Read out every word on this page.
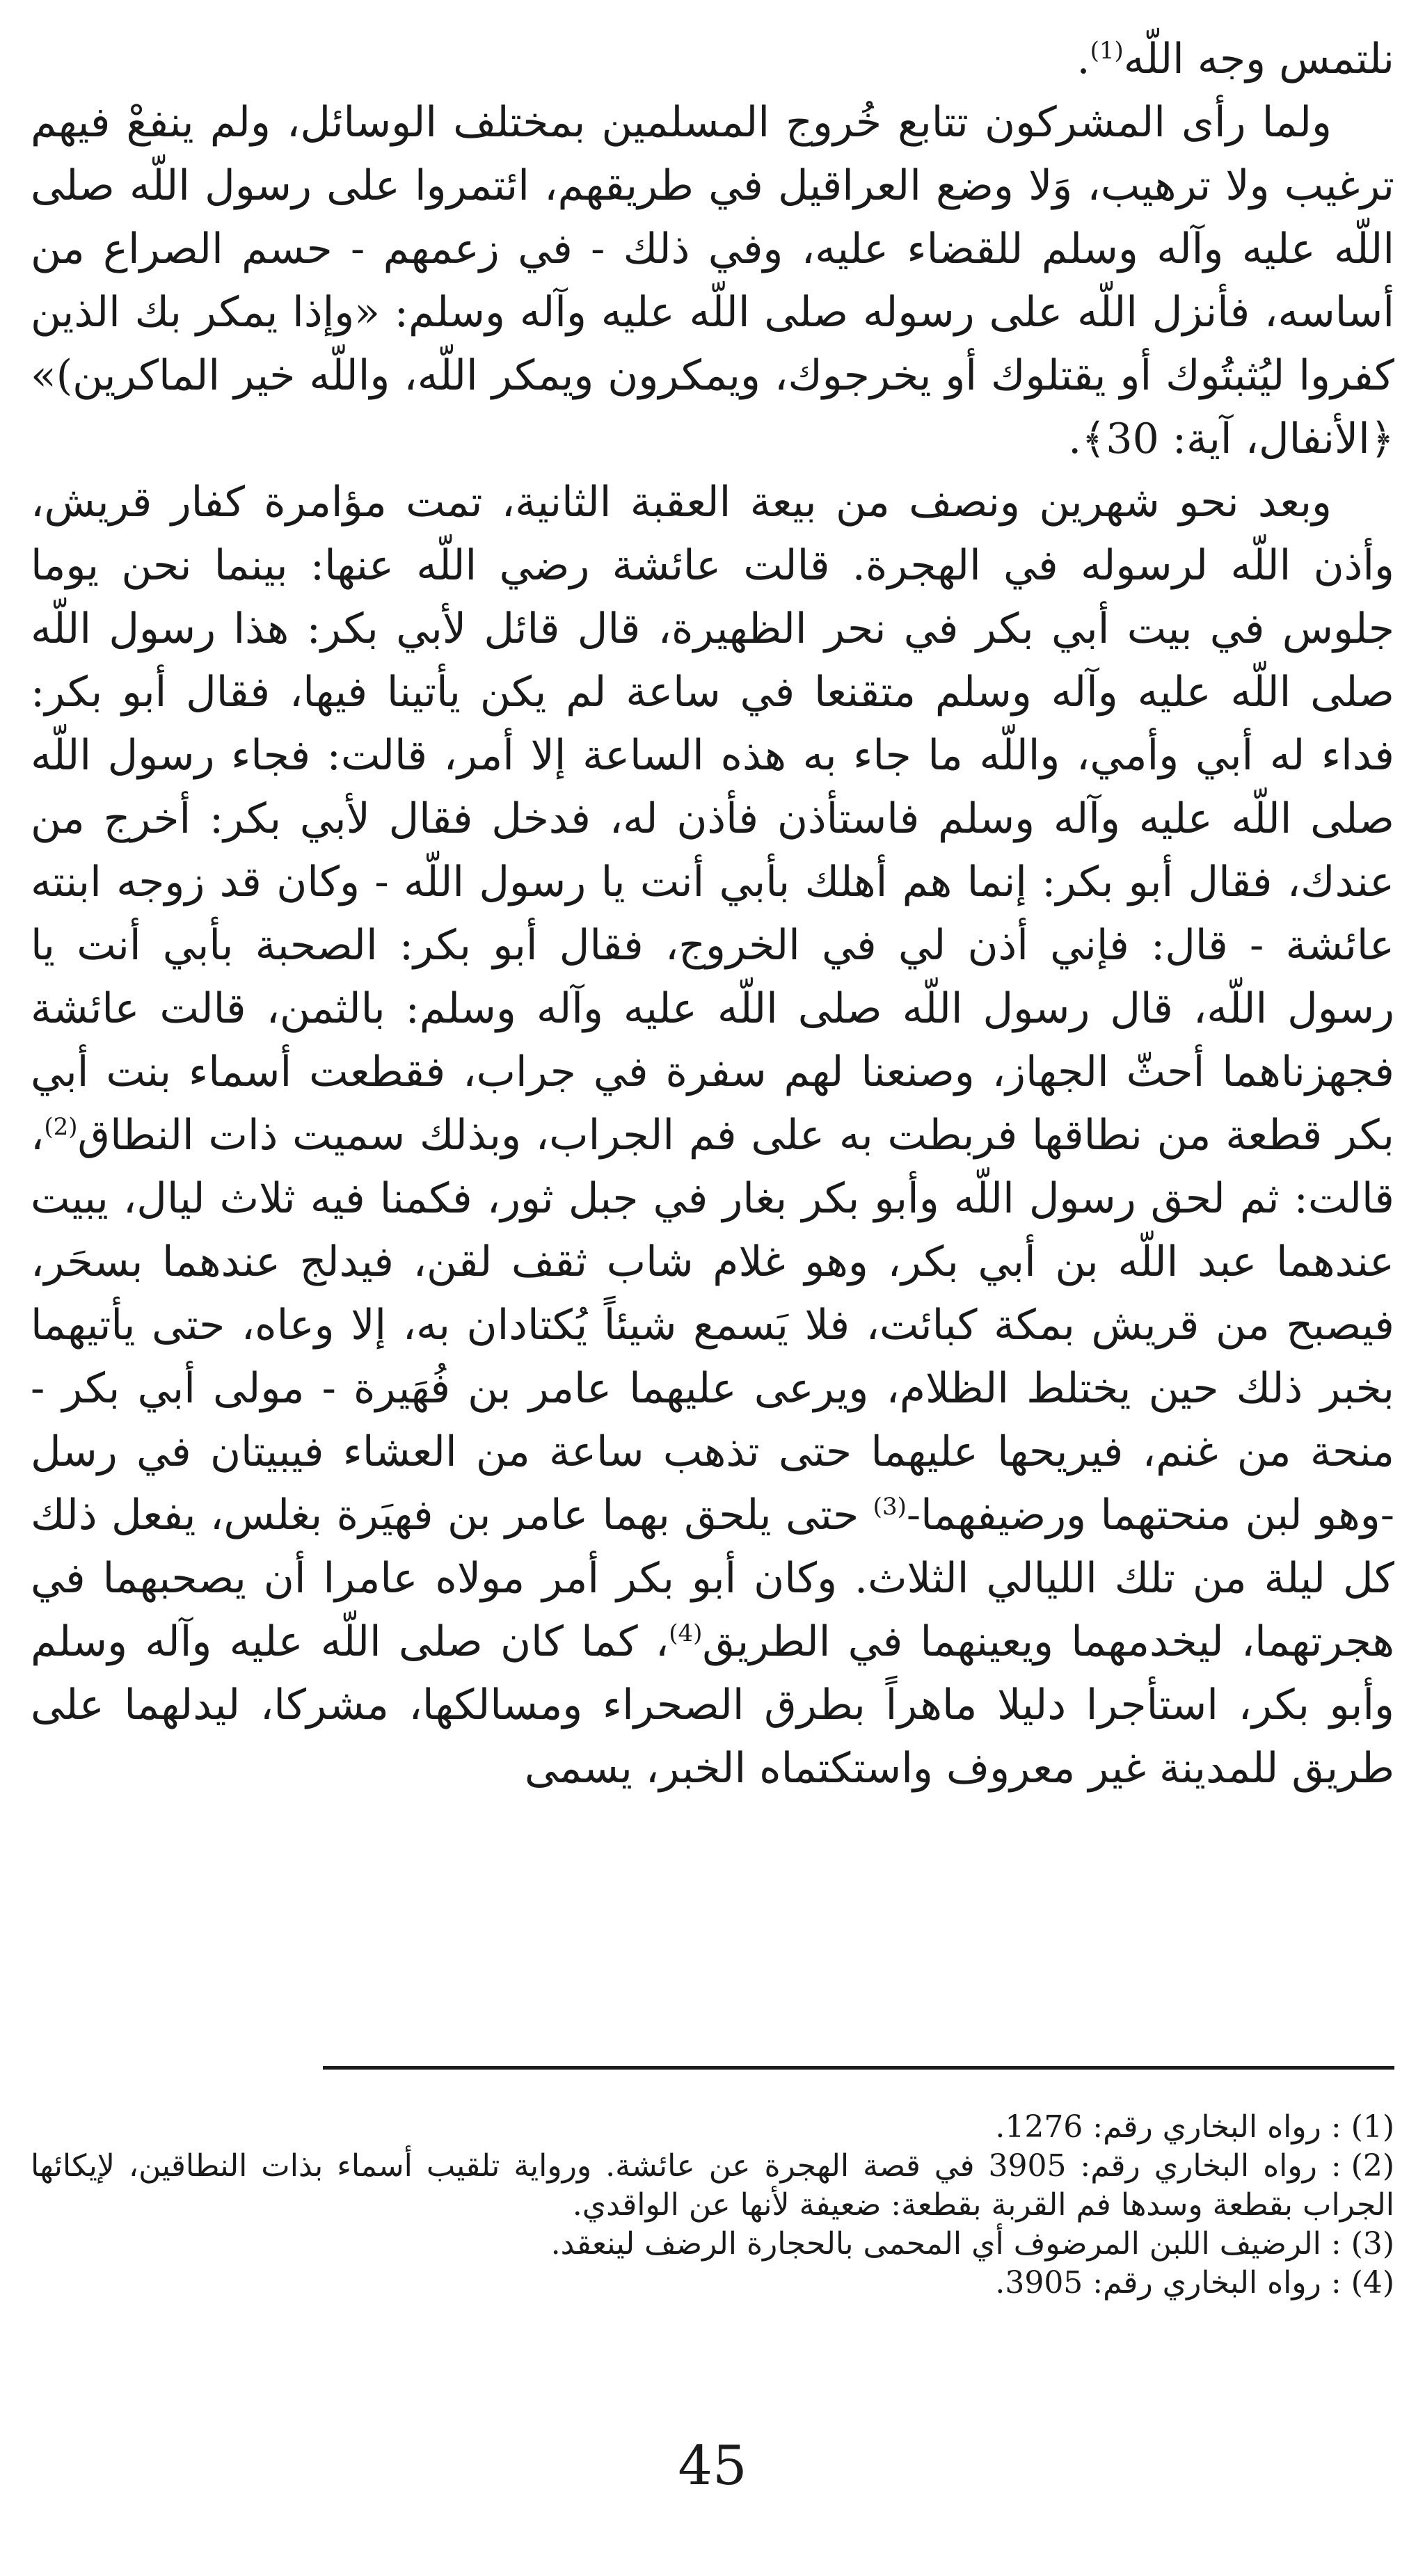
نلتمس وجه اللّه$^{(1)}$.

ولما رأى المشركون تتابع خُروج المسلمين بمختلف الوسائل، ولم ينفعْ فيهم ترغيب ولا ترهيب، وَلا وضع العراقيل في طريقهم، ائتمروا على رسول اللّه صلى اللّه عليه وآله وسلم للقضاء عليه، وفي ذلك - في زعمهم - حسم الصراع من أساسه، فأنزل اللّه على رسوله صلى اللّه عليه وآله وسلم: «وإذا يمكر بك الذين كفروا ليُثبتُوك أو يقتلوك أو يخرجوك، ويمكرون ويمكر اللّه، واللّه خير الماكرين)» ﴿الأنفال، آية: 30﴾.

وبعد نحو شهرين ونصف من بيعة العقبة الثانية، تمت مؤامرة كفار قريش، وأذن اللّه لرسوله في الهجرة. قالت عائشة رضي اللّه عنها: بينما نحن يوما جلوس في بيت أبي بكر في نحر الظهيرة، قال قائل لأبي بكر: هذا رسول اللّه صلى اللّه عليه وآله وسلم متقنعا في ساعة لم يكن يأتينا فيها، فقال أبو بكر: فداء له أبي وأمي، واللّه ما جاء به هذه الساعة إلا أمر، قالت: فجاء رسول اللّه صلى اللّه عليه وآله وسلم فاستأذن فأذن له، فدخل فقال لأبي بكر: أخرج من عندك، فقال أبو بكر: إنما هم أهلك بأبي أنت يا رسول اللّه - وكان قد زوجه ابنته عائشة - قال: فإني أذن لي في الخروج، فقال أبو بكر: الصحبة بأبي أنت يا رسول اللّه، قال رسول اللّه صلى اللّه عليه وآله وسلم: بالثمن، قالت عائشة فجهزناهما أحثّ الجهاز، وصنعنا لهم سفرة في جراب، فقطعت أسماء بنت أبي بكر قطعة من نطاقها فربطت به على فم الجراب، وبذلك سميت ذات النطاق$^{(2)}$، قالت: ثم لحق رسول اللّه وأبو بكر بغار في جبل ثور، فكمنا فيه ثلاث ليال، يبيت عندهما عبد اللّه بن أبي بكر، وهو غلام شاب ثقف لقن، فيدلج عندهما بسحَر، فيصبح من قريش بمكة كبائت، فلا يَسمع شيئاً يُكتادان به، إلا وعاه، حتى يأتيهما بخبر ذلك حين يختلط الظلام، ويرعى عليهما عامر بن فُهَيرة - مولى أبي بكر - منحة من غنم، فيريحها عليهما حتى تذهب ساعة من العشاء فيبيتان في رسل -وهو لبن منحتهما ورضيفهما-$^{(3)}$ حتى يلحق بهما عامر بن فهيَرة بغلس، يفعل ذلك كل ليلة من تلك الليالي الثلاث. وكان أبو بكر أمر مولاه عامرا أن يصحبهما في هجرتهما، ليخدمهما ويعينهما في الطريق$^{(4)}$، كما كان صلى اللّه عليه وآله وسلم وأبو بكر، استأجرا دليلا ماهراً بطرق الصحراء ومسالكها، مشركا، ليدلهما على طريق للمدينة غير معروف واستكتماه الخبر، يسمى

(1): رواه البخاري رقم: 1276.

(2): رواه البخاري رقم: 3905 في قصة الهجرة عن عائشة. ورواية تلقيب أسماء بذات النطاقين، لإيكائها الجراب بقطعة وسدها فم القربة بقطعة: ضعيفة لأنها عن الواقدي.

(3): الرضيف اللبن المرضوف أي المحمى بالحجارة الرضف لينعقد.

(4): رواه البخاري رقم: 3905.

45
